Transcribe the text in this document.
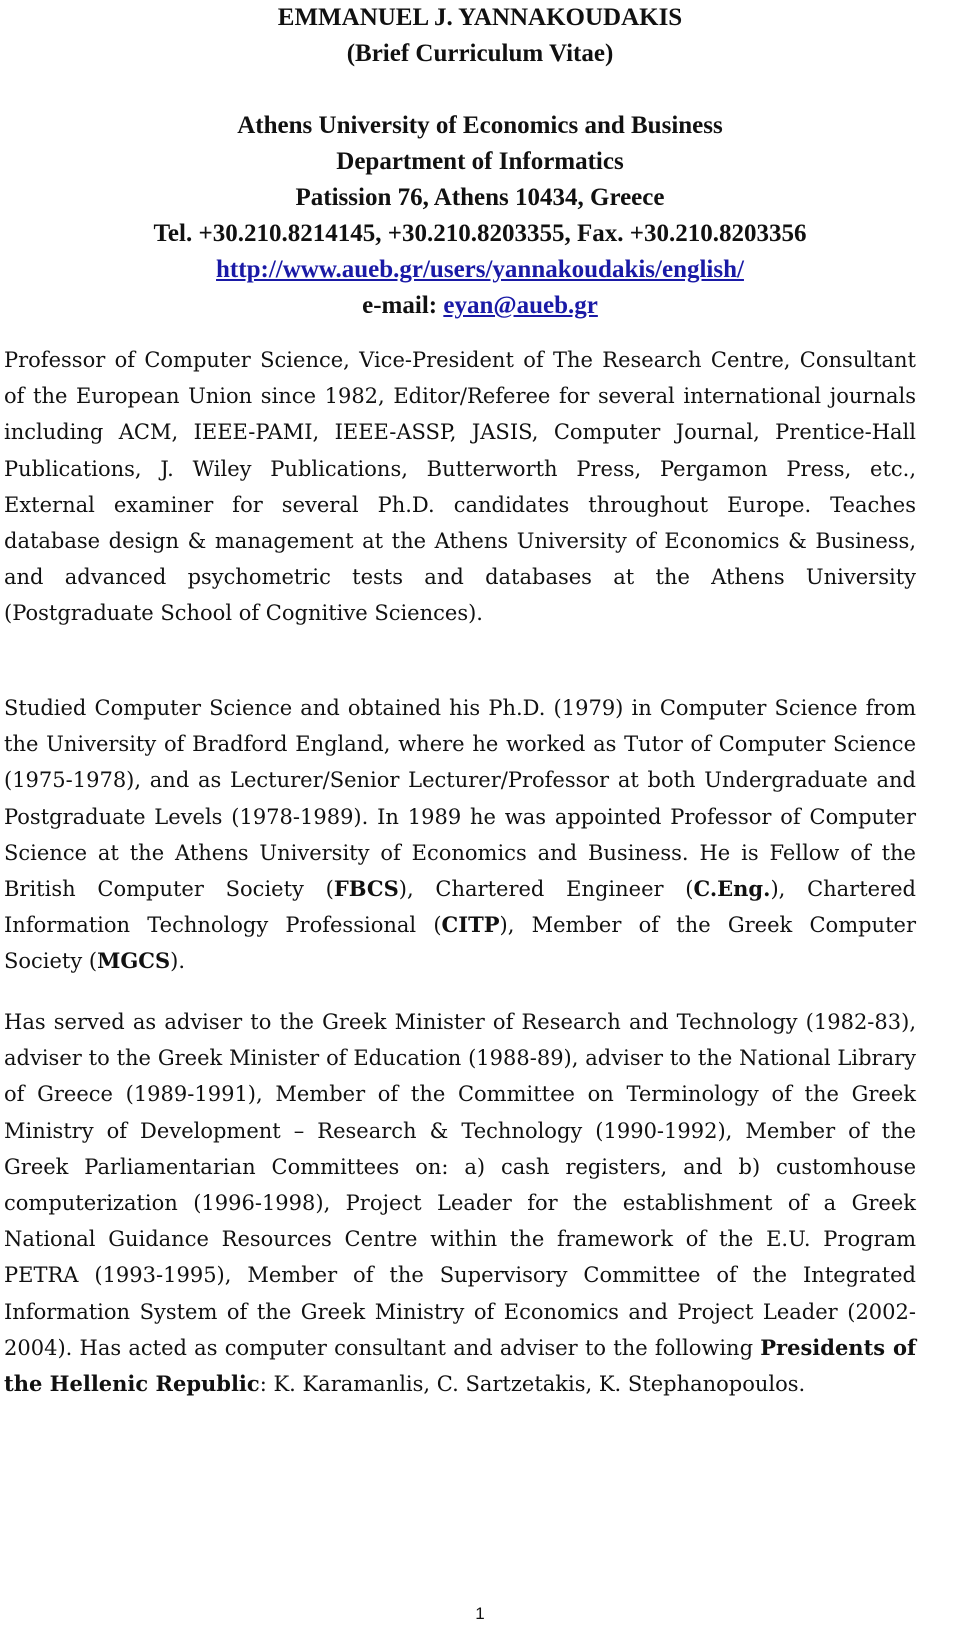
EMMANUEL J. YANNAKOUDAKIS
(Brief Curriculum Vitae)
Athens University of Economics and Business
Department of Informatics
Patission 76, Athens 10434, Greece
Tel. +30.210.8214145, +30.210.8203355, Fax. +30.210.8203356
http://www.aueb.gr/users/yannakoudakis/english/
e-mail: eyan@aueb.gr
Professor of Computer Science, Vice-President of The Research Centre, Consultant of the European Union since 1982, Editor/Referee for several international journals including ACM, IEEE-PAMI, IEEE-ASSP, JASIS, Computer Journal, Prentice-Hall Publications, J. Wiley Publications, Butterworth Press, Pergamon Press, etc., External examiner for several Ph.D. candidates throughout Europe. Teaches database design & management at the Athens University of Economics & Business, and advanced psychometric tests and databases at the Athens University (Postgraduate School of Cognitive Sciences).
Studied Computer Science and obtained his Ph.D. (1979) in Computer Science from the University of Bradford England, where he worked as Tutor of Computer Science (1975-1978), and as Lecturer/Senior Lecturer/Professor at both Undergraduate and Postgraduate Levels (1978-1989). In 1989 he was appointed Professor of Computer Science at the Athens University of Economics and Business. He is Fellow of the British Computer Society (FBCS), Chartered Engineer (C.Eng.), Chartered Information Technology Professional (CITP), Member of the Greek Computer Society (MGCS).
Has served as adviser to the Greek Minister of Research and Technology (1982-83), adviser to the Greek Minister of Education (1988-89), adviser to the National Library of Greece (1989-1991), Member of the Committee on Terminology of the Greek Ministry of Development – Research & Technology (1990-1992), Member of the Greek Parliamentarian Committees on: a) cash registers, and b) customhouse computerization (1996-1998), Project Leader for the establishment of a Greek National Guidance Resources Centre within the framework of the E.U. Program PETRA (1993-1995), Member of the Supervisory Committee of the Integrated Information System of the Greek Ministry of Economics and Project Leader (2002-2004). Has acted as computer consultant and adviser to the following Presidents of the Hellenic Republic: K. Karamanlis, C. Sartzetakis, K. Stephanopoulos.
1
